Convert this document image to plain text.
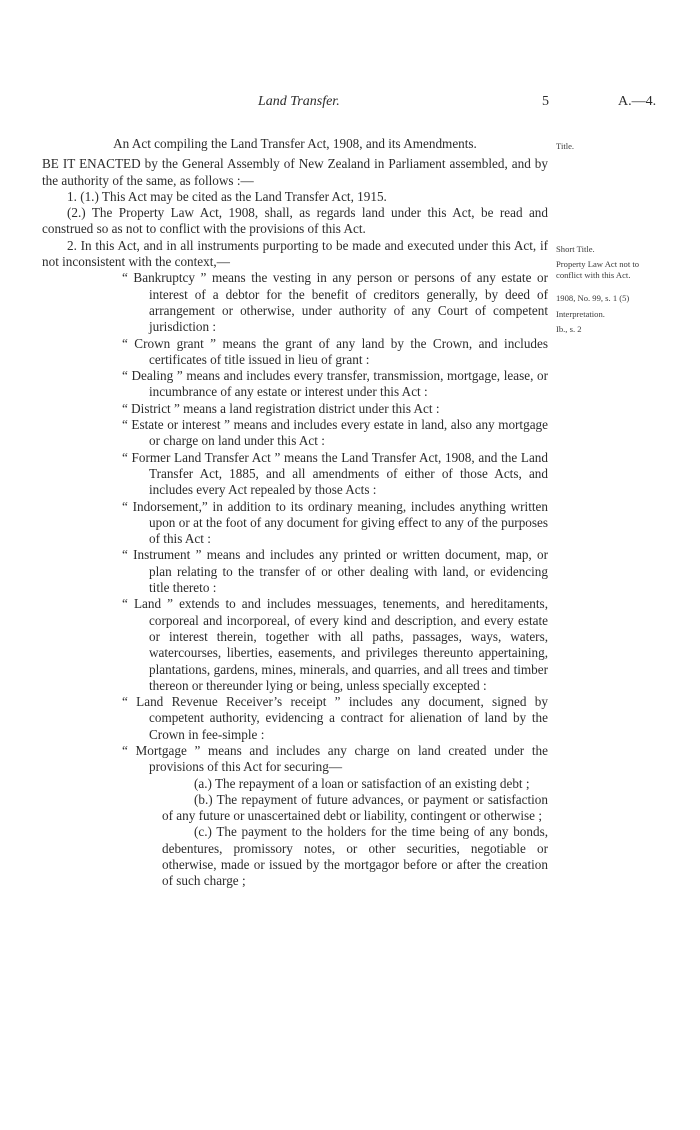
Land Transfer.	5	A.—4.

An Act compiling the Land Transfer Act, 1908, and its Amendments.

BE IT ENACTED by the General Assembly of New Zealand in Parliament assembled, and by the authority of the same, as follows :—

1. (1.) This Act may be cited as the Land Transfer Act, 1915.

(2.) The Property Law Act, 1908, shall, as regards land under this Act, be read and construed so as not to conflict with the provisions of this Act.

2. In this Act, and in all instruments purporting to be made and executed under this Act, if not inconsistent with the context,—

“ Bankruptcy ” means the vesting in any person or persons of any estate or interest of a debtor for the benefit of creditors generally, by deed of arrangement or otherwise, under authority of any Court of competent jurisdiction :

“ Crown grant ” means the grant of any land by the Crown, and includes certificates of title issued in lieu of grant :

“ Dealing ” means and includes every transfer, transmission, mortgage, lease, or incumbrance of any estate or interest under this Act :

“ District ” means a land registration district under this Act :

“ Estate or interest ” means and includes every estate in land, also any mortgage or charge on land under this Act :

“ Former Land Transfer Act ” means the Land Transfer Act, 1908, and the Land Transfer Act, 1885, and all amendments of either of those Acts, and includes every Act repealed by those Acts :

“ Indorsement,” in addition to its ordinary meaning, includes anything written upon or at the foot of any document for giving effect to any of the purposes of this Act :

“ Instrument ” means and includes any printed or written document, map, or plan relating to the transfer of or other dealing with land, or evidencing title thereto :

“ Land ” extends to and includes messuages, tenements, and hereditaments, corporeal and incorporeal, of every kind and description, and every estate or interest therein, together with all paths, passages, ways, waters, watercourses, liberties, easements, and privileges thereunto appertaining, plantations, gardens, mines, minerals, and quarries, and all trees and timber thereon or thereunder lying or being, unless specially excepted :

“ Land Revenue Receiver’s receipt ” includes any document, signed by competent authority, evidencing a contract for alienation of land by the Crown in fee-simple :

“ Mortgage ” means and includes any charge on land created under the provisions of this Act for securing—

(a.) The repayment of a loan or satisfaction of an existing debt ;

(b.) The repayment of future advances, or payment or satisfaction of any future or unascertained debt or liability, contingent or otherwise ;

(c.) The payment to the holders for the time being of any bonds, debentures, promissory notes, or other securities, negotiable or otherwise, made or issued by the mortgagor before or after the creation of such charge ;

Title.
Short Title.
Property Law Act not to conflict with this Act.
1908, No. 99, s. 1 (5)
Interpretation.
Ib., s. 2
